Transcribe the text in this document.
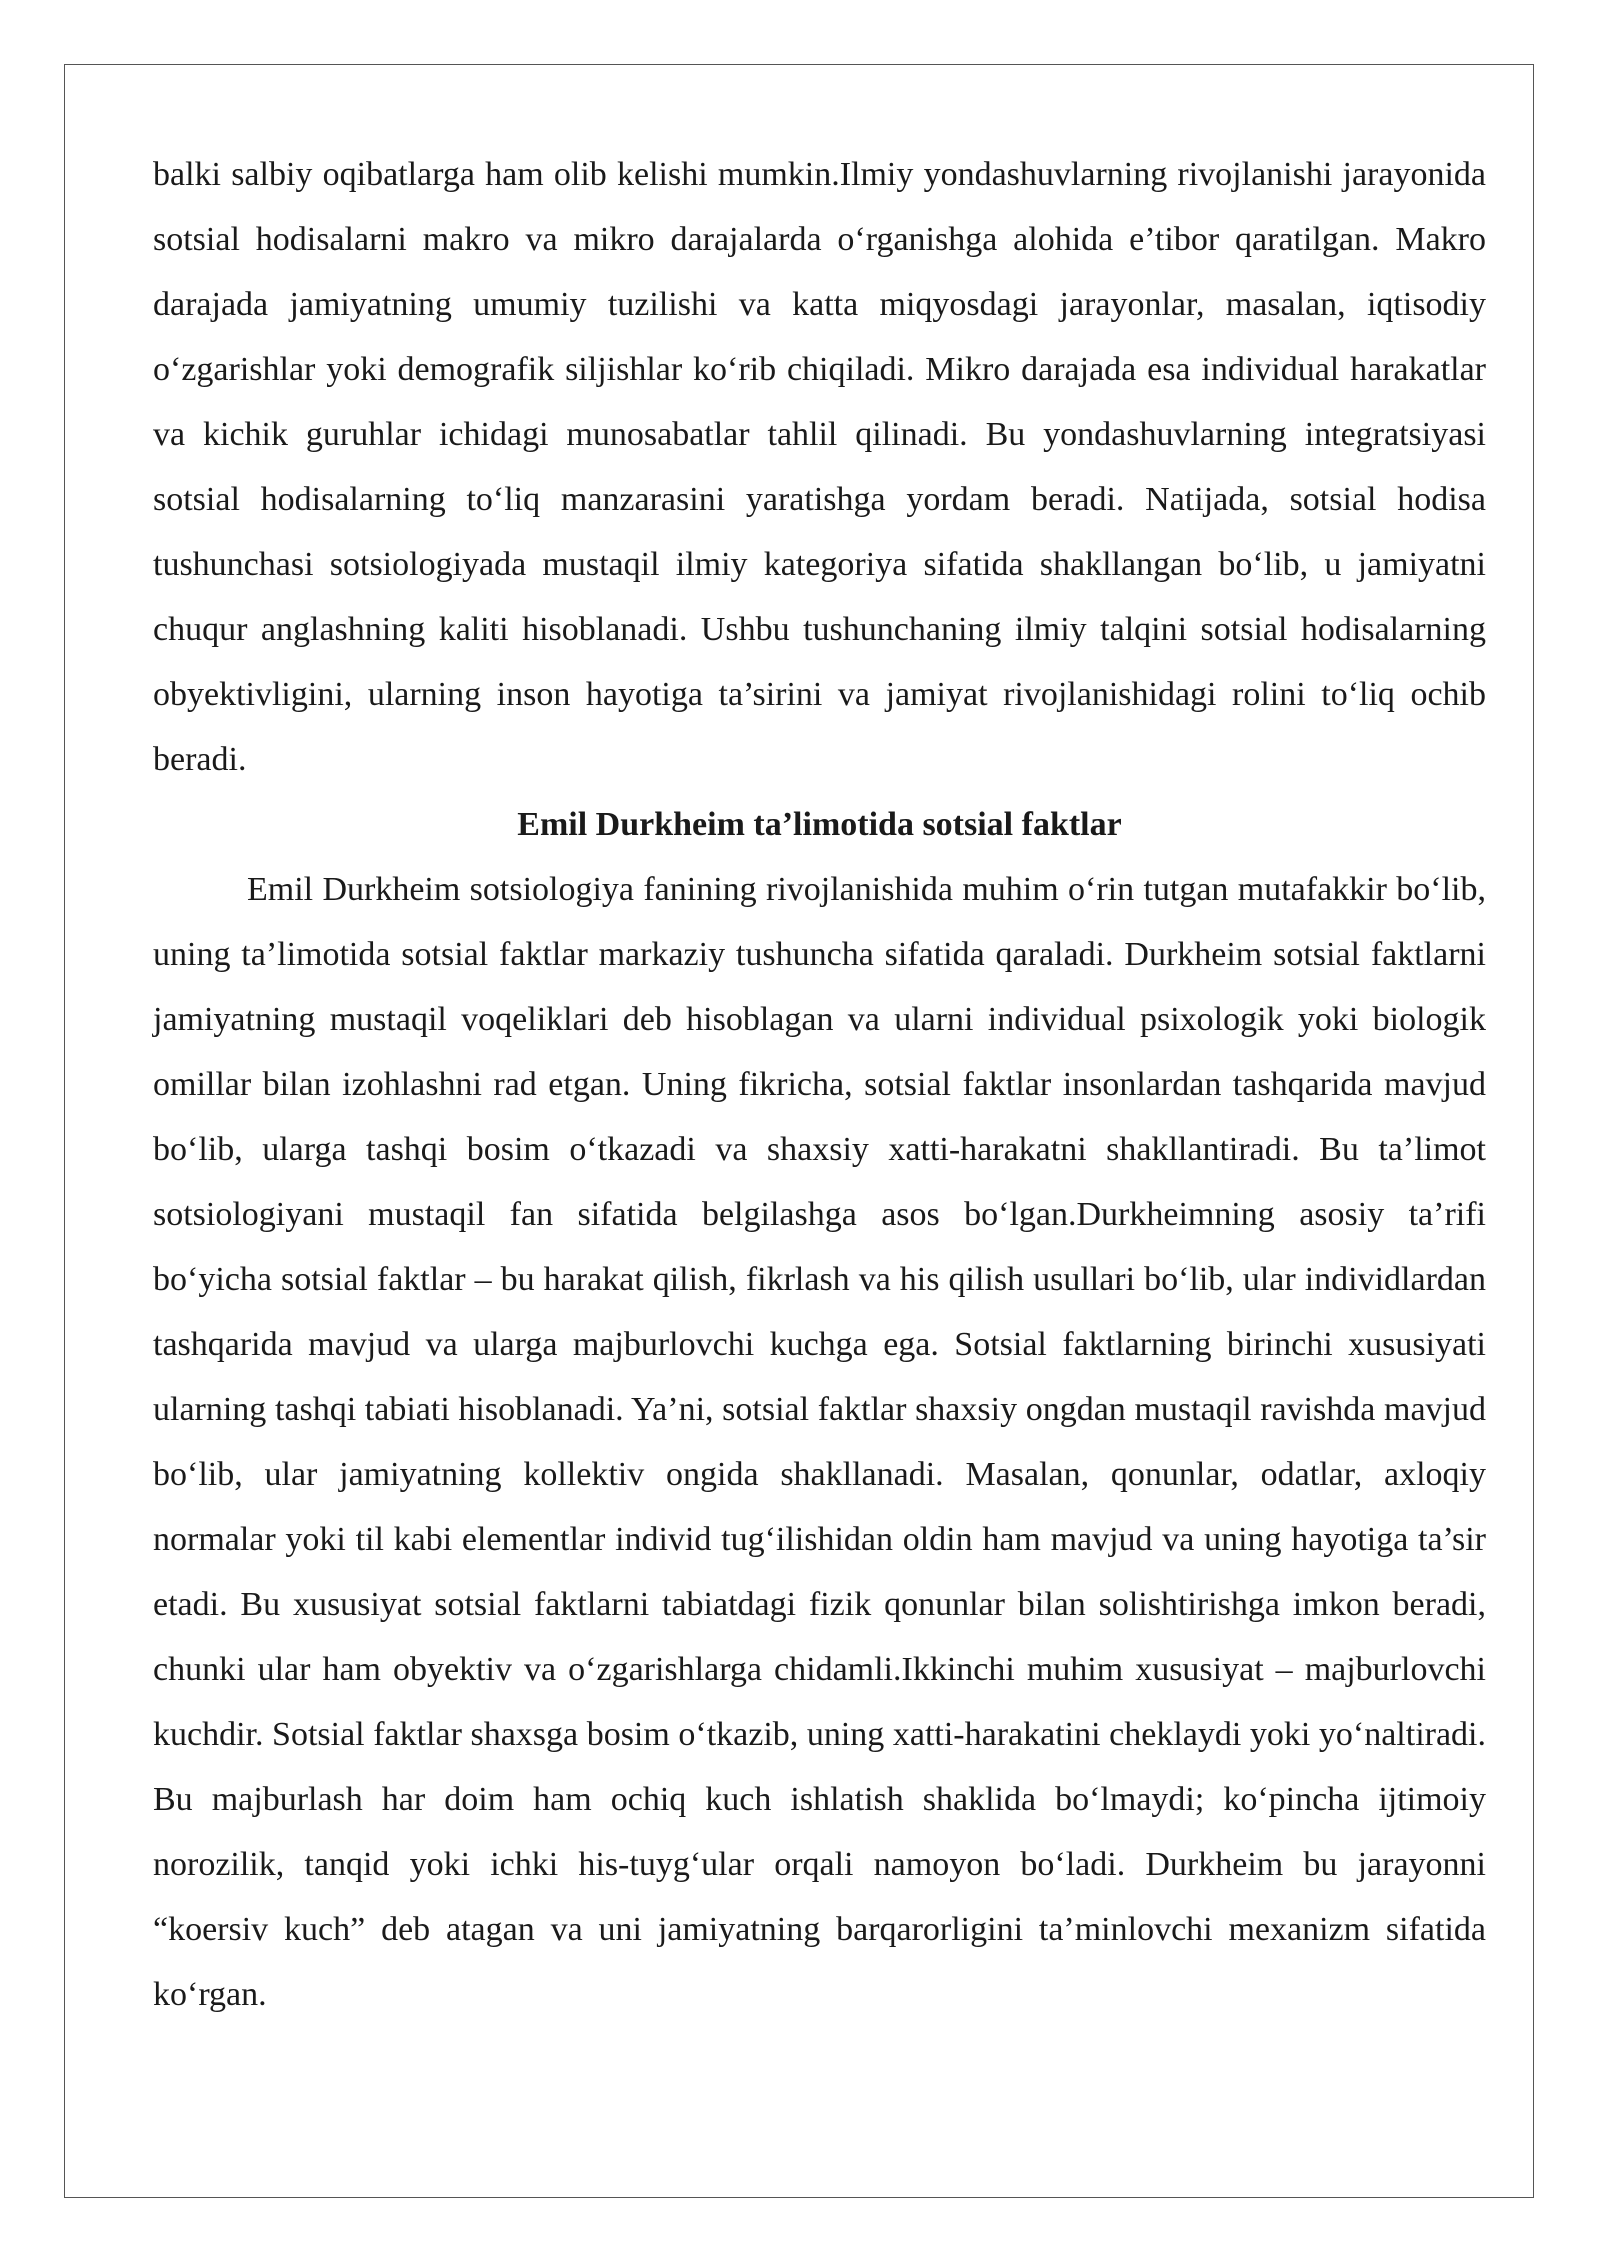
balki salbiy oqibatlarga ham olib kelishi mumkin.Ilmiy yondashuvlarning rivojlanishi jarayonida sotsial hodisalarni makro va mikro darajalarda o‘rganishga alohida e’tibor qaratilgan. Makro darajada jamiyatning umumiy tuzilishi va katta miqyosdagi jarayonlar, masalan, iqtisodiy o‘zgarishlar yoki demografik siljishlar ko‘rib chiqiladi. Mikro darajada esa individual harakatlar va kichik guruhlar ichidagi munosabatlar tahlil qilinadi. Bu yondashuvlarning integratsiyasi sotsial hodisalarning to‘liq manzarasini yaratishga yordam beradi. Natijada, sotsial hodisa tushunchasi sotsiologiyada mustaqil ilmiy kategoriya sifatida shakllangan bo‘lib, u jamiyatni chuqur anglashning kaliti hisoblanadi. Ushbu tushunchaning ilmiy talqini sotsial hodisalarning obyektivligini, ularning inson hayotiga ta’sirini va jamiyat rivojlanishidagi rolini to‘liq ochib beradi.

Emil Durkheim ta’limotida sotsial faktlar

Emil Durkheim sotsiologiya fanining rivojlanishida muhim o‘rin tutgan mutafakkir bo‘lib, uning ta’limotida sotsial faktlar markaziy tushuncha sifatida qaraladi. Durkheim sotsial faktlarni jamiyatning mustaqil voqeliklari deb hisoblagan va ularni individual psixologik yoki biologik omillar bilan izohlashni rad etgan. Uning fikricha, sotsial faktlar insonlardan tashqarida mavjud bo‘lib, ularga tashqi bosim o‘tkazadi va shaxsiy xatti-harakatni shakllantiradi. Bu ta’limot sotsiologiyani mustaqil fan sifatida belgilashga asos bo‘lgan.Durkheimning asosiy ta’rifi bo‘yicha sotsial faktlar – bu harakat qilish, fikrlash va his qilish usullari bo‘lib, ular individlardan tashqarida mavjud va ularga majburlovchi kuchga ega. Sotsial faktlarning birinchi xususiyati ularning tashqi tabiati hisoblanadi. Ya’ni, sotsial faktlar shaxsiy ongdan mustaqil ravishda mavjud bo‘lib, ular jamiyatning kollektiv ongida shakllanadi. Masalan, qonunlar, odatlar, axloqiy normalar yoki til kabi elementlar individ tug‘ilishidan oldin ham mavjud va uning hayotiga ta’sir etadi. Bu xususiyat sotsial faktlarni tabiatdagi fizik qonunlar bilan solishtirishga imkon beradi, chunki ular ham obyektiv va o‘zgarishlarga chidamli.Ikkinchi muhim xususiyat – majburlovchi kuchdir. Sotsial faktlar shaxsga bosim o‘tkazib, uning xatti-harakatini cheklaydi yoki yo‘naltiradi. Bu majburlash har doim ham ochiq kuch ishlatish shaklida bo‘lmaydi; ko‘pincha ijtimoiy norozilik, tanqid yoki ichki his-tuyg‘ular orqali namoyon bo‘ladi. Durkheim bu jarayonni “koersiv kuch” deb atagan va uni jamiyatning barqarorligini ta’minlovchi mexanizm sifatida ko‘rgan.
